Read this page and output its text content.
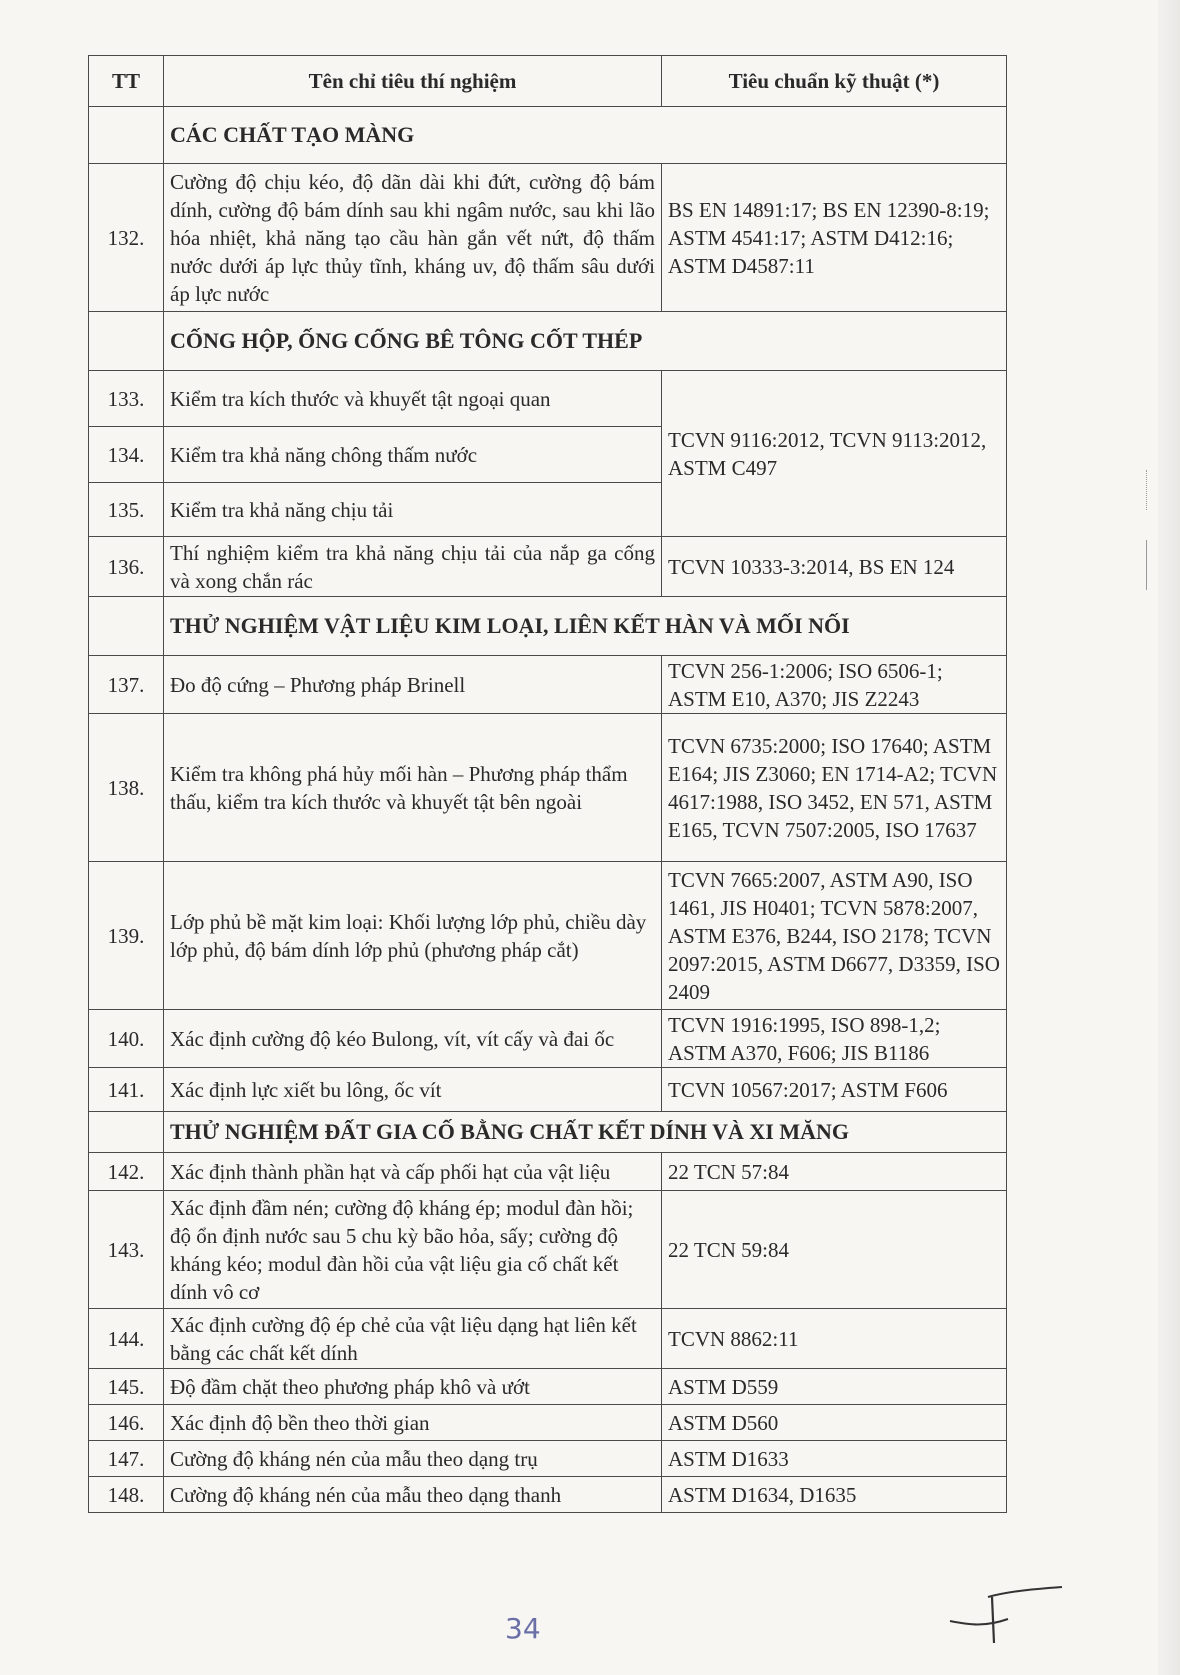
TT	Tên chỉ tiêu thí nghiệm	Tiêu chuẩn kỹ thuật (*)
	CÁC CHẤT TẠO MÀNG	
132.	Cường độ chịu kéo, độ dãn dài khi đứt, cường độ bám dính, cường độ bám dính sau khi ngâm nước, sau khi lão hóa nhiệt, khả năng tạo cầu hàn gắn vết nứt, độ thấm nước dưới áp lực thủy tĩnh, kháng uv, độ thấm sâu dưới áp lực nước	BS EN 14891:17; BS EN 12390-8:19; ASTM 4541:17; ASTM D412:16; ASTM D4587:11
	CỐNG HỘP, ỐNG CỐNG BÊ TÔNG CỐT THÉP	
133.	Kiểm tra kích thước và khuyết tật ngoại quan	TCVN 9116:2012, TCVN 9113:2012, ASTM C497
134.	Kiểm tra khả năng chông thấm nước	
135.	Kiểm tra khả năng chịu tải	
136.	Thí nghiệm kiểm tra khả năng chịu tải của nắp ga cống và xong chắn rác	TCVN 10333-3:2014, BS EN 124
	THỬ NGHIỆM VẬT LIỆU KIM LOẠI, LIÊN KẾT HÀN VÀ MỐI NỐI	
137.	Đo độ cứng – Phương pháp Brinell	TCVN 256-1:2006; ISO 6506-1; ASTM E10, A370; JIS Z2243
138.	Kiểm tra không phá hủy mối hàn – Phương pháp thẩm thấu, kiểm tra kích thước và khuyết tật bên ngoài	TCVN 6735:2000; ISO 17640; ASTM E164; JIS Z3060; EN 1714-A2; TCVN 4617:1988, ISO 3452, EN 571, ASTM E165, TCVN 7507:2005, ISO 17637
139.	Lớp phủ bề mặt kim loại: Khối lượng lớp phủ, chiều dày lớp phủ, độ bám dính lớp phủ (phương pháp cắt)	TCVN 7665:2007, ASTM A90, ISO 1461, JIS H0401; TCVN 5878:2007, ASTM E376, B244, ISO 2178; TCVN 2097:2015, ASTM D6677, D3359, ISO 2409
140.	Xác định cường độ kéo Bulong, vít, vít cấy và đai ốc	TCVN 1916:1995, ISO 898-1,2; ASTM A370, F606; JIS B1186
141.	Xác định lực xiết bu lông, ốc vít	TCVN 10567:2017; ASTM F606
	THỬ NGHIỆM ĐẤT GIA CỐ BẰNG CHẤT KẾT DÍNH VÀ XI MĂNG	
142.	Xác định thành phần hạt và cấp phối hạt của vật liệu	22 TCN 57:84
143.	Xác định đầm nén; cường độ kháng ép; modul đàn hồi; độ ổn định nước sau 5 chu kỳ bão hỏa, sấy; cường độ kháng kéo; modul đàn hồi của vật liệu gia cố chất kết dính vô cơ	22 TCN 59:84
144.	Xác định cường độ ép chẻ của vật liệu dạng hạt liên kết bằng các chất kết dính	TCVN 8862:11
145.	Độ đầm chặt theo phương pháp khô và ướt	ASTM D559
146.	Xác định độ bền theo thời gian	ASTM D560
147.	Cường độ kháng nén của mẫu theo dạng trụ	ASTM D1633
148.	Cường độ kháng nén của mẫu theo dạng thanh	ASTM D1634, D1635
34
